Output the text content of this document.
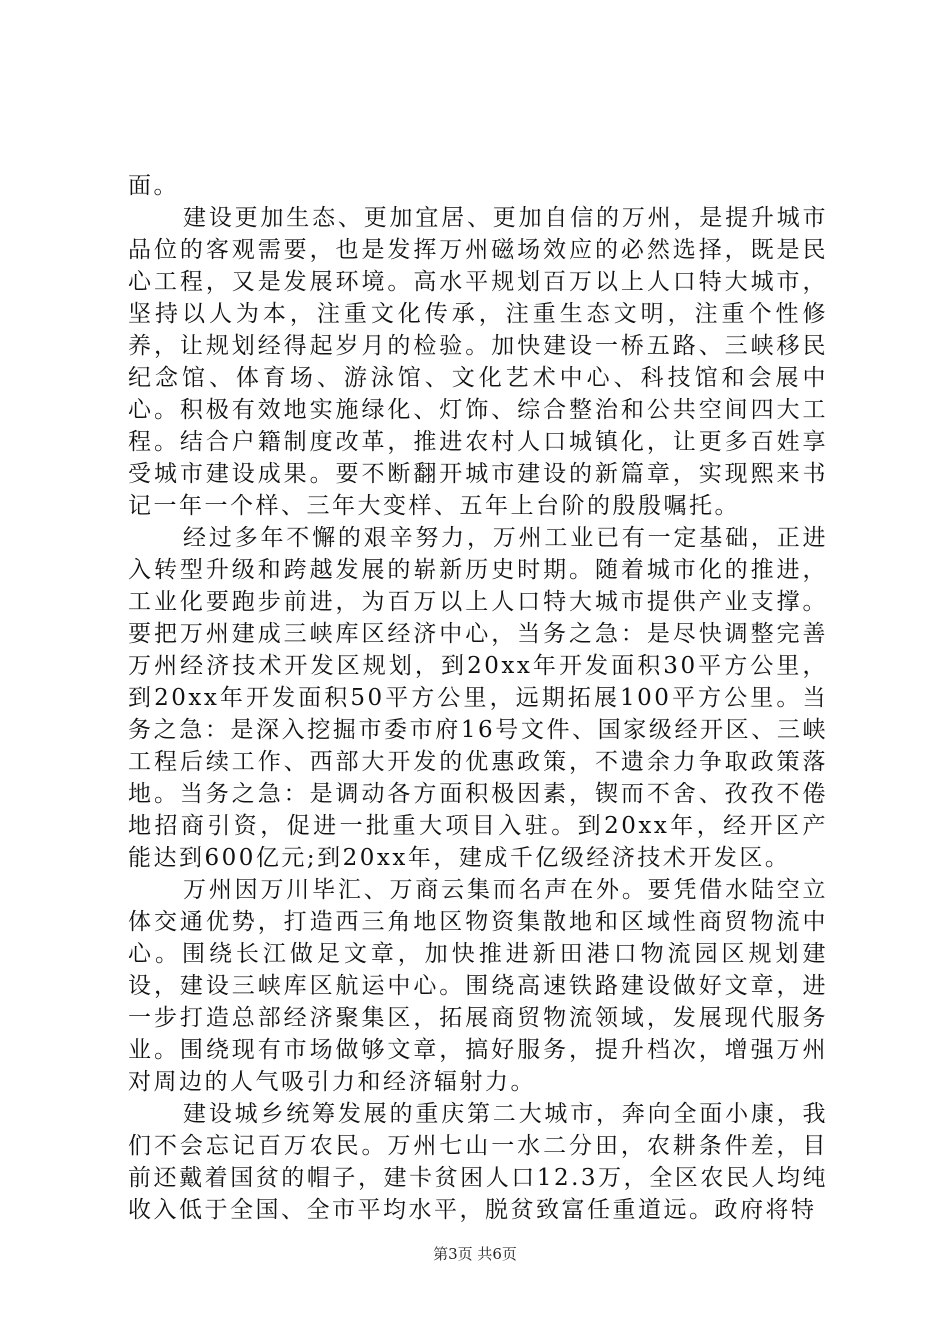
面。

建设更加生态、更加宜居、更加自信的万州，是提升城市品位的客观需要，也是发挥万州磁场效应的必然选择，既是民心工程，又是发展环境。高水平规划百万以上人口特大城市，坚持以人为本，注重文化传承，注重生态文明，注重个性修养，让规划经得起岁月的检验。加快建设一桥五路、三峡移民纪念馆、体育场、游泳馆、文化艺术中心、科技馆和会展中心。积极有效地实施绿化、灯饰、综合整治和公共空间四大工程。结合户籍制度改革，推进农村人口城镇化，让更多百姓享受城市建设成果。要不断翻开城市建设的新篇章，实现熙来书记一年一个样、三年大变样、五年上台阶的殷殷嘱托。

经过多年不懈的艰辛努力，万州工业已有一定基础，正进入转型升级和跨越发展的崭新历史时期。随着城市化的推进，工业化要跑步前进，为百万以上人口特大城市提供产业支撑。要把万州建成三峡库区经济中心，当务之急：是尽快调整完善万州经济技术开发区规划，到20xx年开发面积30平方公里，到20xx年开发面积50平方公里，远期拓展100平方公里。当务之急：是深入挖掘市委市府16号文件、国家级经开区、三峡工程后续工作、西部大开发的优惠政策，不遗余力争取政策落地。当务之急：是调动各方面积极因素，锲而不舍、孜孜不倦地招商引资，促进一批重大项目入驻。到20xx年，经开区产能达到600亿元;到20xx年，建成千亿级经济技术开发区。

万州因万川毕汇、万商云集而名声在外。要凭借水陆空立体交通优势，打造西三角地区物资集散地和区域性商贸物流中心。围绕长江做足文章，加快推进新田港口物流园区规划建设，建设三峡库区航运中心。围绕高速铁路建设做好文章，进一步打造总部经济聚集区，拓展商贸物流领域，发展现代服务业。围绕现有市场做够文章，搞好服务，提升档次，增强万州对周边的人气吸引力和经济辐射力。

建设城乡统筹发展的重庆第二大城市，奔向全面小康，我们不会忘记百万农民。万州七山一水二分田，农耕条件差，目前还戴着国贫的帽子，建卡贫困人口12.3万，全区农民人均纯收入低于全国、全市平均水平，脱贫致富任重道远。政府将特

第3页 共6页
